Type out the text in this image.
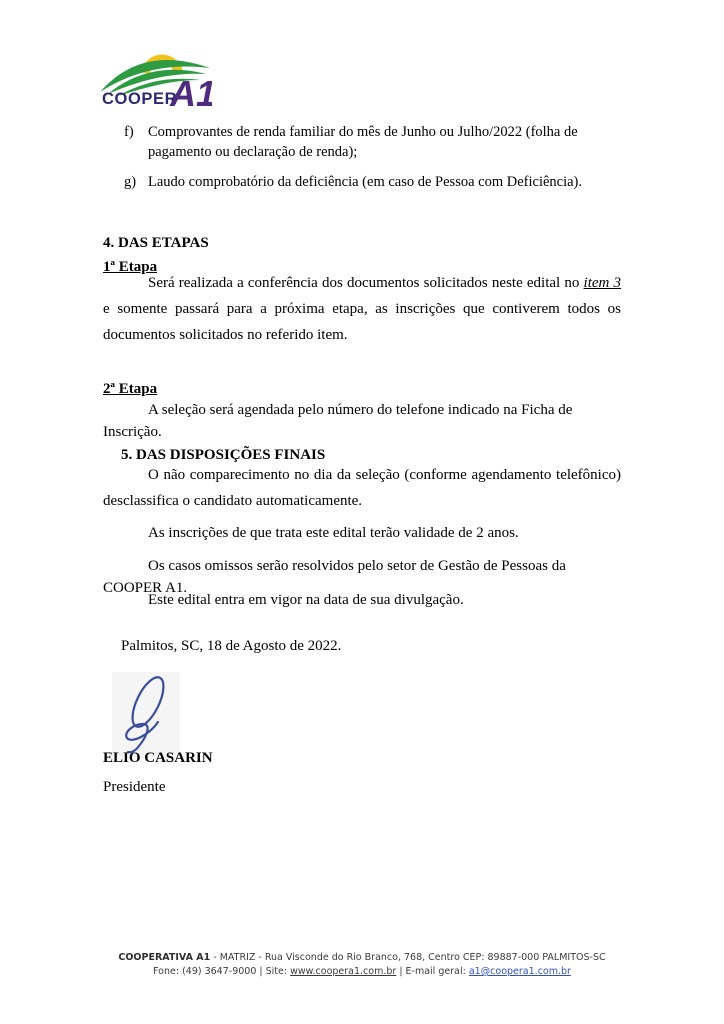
COOPER
A1
f) Comprovantes de renda familiar do mês de Junho ou Julho/2022 (folha de pagamento ou declaração de renda);
g) Laudo comprobatório da deficiência (em caso de Pessoa com Deficiência).
4. DAS ETAPAS
1ª Etapa
Será realizada a conferência dos documentos solicitados neste edital no item 3 e somente passará para a próxima etapa, as inscrições que contiverem todos os documentos solicitados no referido item.
2ª Etapa
A seleção será agendada pelo número do telefone indicado na Ficha de Inscrição.
5. DAS DISPOSIÇÕES FINAIS
O não comparecimento no dia da seleção (conforme agendamento telefônico) desclassifica o candidato automaticamente.
As inscrições de que trata este edital terão validade de 2 anos.
Os casos omissos serão resolvidos pelo setor de Gestão de Pessoas da COOPER A1.
Este edital entra em vigor na data de sua divulgação.
Palmitos, SC, 18 de Agosto de 2022.
ELIO CASARIN
Presidente
COOPERATIVA A1 - MATRIZ - Rua Visconde do Rio Branco, 768, Centro CEP: 89887-000 PALMITOS-SC
Fone: (49) 3647-9000 | Site: www.coopera1.com.br | E-mail geral: a1@coopera1.com.br
